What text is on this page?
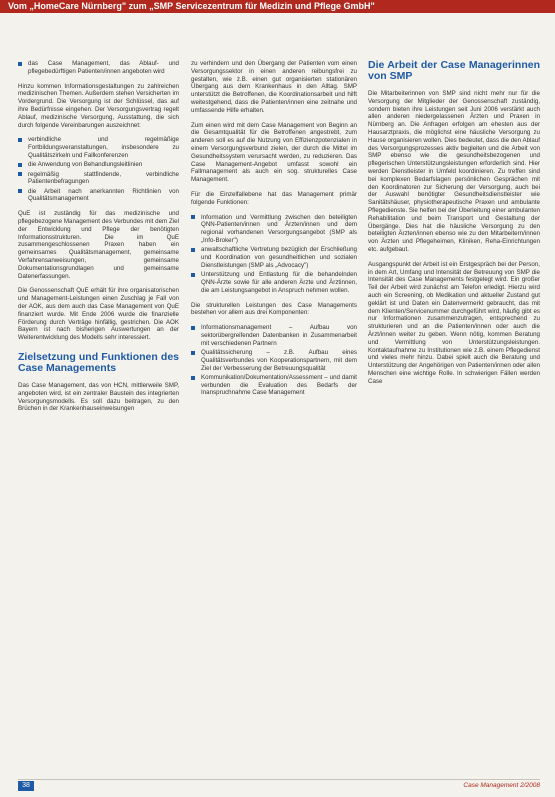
Vom „HomeCare Nürnberg" zum „SMP Servicezentrum für Medizin und Pflege GmbH"
das Case Management, das Ablauf- und pflegebedürftigen Patienten/innen angeboten wird

Hinzu kommen Informationsgestaltungen zu zahlreichen medizinischen Themen. Außerdem stehen Versicherten im Vordergrund. Die Versorgung ist der Schlüssel, das auf ihre Bedürfnisse eingehen. Der Versorgungsvertrag regelt Ablauf, medizinische Versorgung, Ausstattung, die sich durch folgende Vereinbarungen auszeichnet:

verbindliche und regelmäßige Fortbildungsveranstaltungen, insbesondere zu Qualitätszirkeln und Fallkonferenzen
die Anwendung von Behandlungsleitlinien
regelmäßig stattfindende, verbindliche Patientenbefragungen
die Arbeit nach anerkannten Richtlinien von Qualitätsmanagement

QuE ist zuständig für das medizinische und pflegebezogene Management des Verbundes mit dem Ziel der Entwicklung und Pflege der benötigten Informationsstrukturen. Die im QuE zusammengeschlossenen Praxen haben ein gemeinsames Qualitätsmanagement, gemeinsame Verfahrensanweisungen, gemeinsame Dokumentationsgrundlagen und gemeinsame Datenerfassungen.

Die Genossenschaft QuE erhält für ihre organisatorischen und Management-Leistungen einen Zuschlag je Fall von der AOK, aus dem auch das Case Management von QuE finanziert wurde. Mit Ende 2006 wurde die finanzielle Förderung durch Verträge hinfällig, gestrichen. Die AOK Bayern ist nach bisherigen Auswertungen an der Weiterentwicklung des Modells sehr interessiert.

Zielsetzung und Funktionen des Case Managements

Das Case Management, das von HCN, mittlerweile SMP, angeboten wird, ist ein zentraler Baustein des integrierten Versorgungsmodells. Es soll dazu beitragen, zu den Brüchen in der Krankenhauseinweisungen

zu verhindern und den Übergang der Patienten vom einen Versorgungssektor in einen anderen reibungsfrei zu gestalten, wie z.B. einen gut organisierten stationären Übergang aus dem Krankenhaus in den Alltag. SMP unterstützt die Betroffenen, die Koordinationsarbeit und hilft weitestgehend, dass die Patienten/innen eine zeitnahe und umfassende Hilfe erhalten.

Zum einen wird mit dem Case Management von Beginn an die Gesamtqualität für die Betroffenen angestrebt, zum anderen soll es auf die Nutzung von Effizienzpotenzialen in einem Versorgungsverbund zielen, der durch die Mittel im Gesundheitssystem verursacht werden, zu reduzieren. Das Case Management-Angebot umfasst sowohl ein Fallmanagement als auch ein sog. strukturelles Case Management.

Für die Einzelfallebene hat das Management primär folgende Funktionen:

Information und Vermittlung zwischen den beteiligten QNN-Patienten/innen und Ärzten/innen und dem regional vorhandenen Versorgungsangebot (SMP als „Info-Broker")
anwaltschaftliche Vertretung bezüglich der Erschließung und Koordination von gesundheitlichen und sozialen Dienstleistungen (SMP als „Advocacy")
Unterstützung und Entlastung für die behandelnden QNN-Ärzte sowie für alle anderen Ärzte und Ärztinnen, die am Leistungsangebot in Anspruch nehmen wollen.

Die strukturellen Leistungen des Case Managements bestehen vor allem aus drei Komponenten:

Informationsmanagement – Aufbau von sektorübergreifenden Datenbanken in Zusammenarbeit mit verschiedenen Partnern
Qualitätssicherung – z.B. Aufbau eines Qualitätsverbundes von Kooperationspartnern, mit dem Ziel der Verbesserung der Betreuungsqualität
Kommunikation/Dokumentation/Assessment – und damit verbunden die Evaluation des Bedarfs der Inanspruchnahme Case Management
Die Arbeit der Case Managerinnen von SMP

Die Mitarbeiterinnen von SMP sind nicht mehr nur für die Versorgung der Mitglieder der Genossenschaft zuständig, sondern bieten ihre Leistungen seit Juni 2006 verstärkt auch allen anderen niedergelassenen Ärzten und Praxen in Nürnberg an. Die Anfragen erfolgen am ehesten aus der Hausarztpraxis, die möglichst eine häusliche Versorgung zu Hause organisieren wollen. Dies bedeutet, dass die den Ablauf des Versorgungsprozesses aktiv begleiten und die Arbeit von SMP ebenso wie die gesundheitsbezogenen und pflegerischen Unterstützungsleistungen erforderlich sind. Hier werden Dienstleister in Umfeld koordinieren. Zu treffen sind bei komplexen Bedarfslagen persönlichen Gesprächen mit den Koordinatoren zur Sicherung der Versorgung, auch bei der Auswahl benötigter Gesundheitsdienstleister wie Sanitätshäuser, physiotherapeutische Praxen und ambulante Pflegedienste. Sie helfen bei der Überleitung einer ambulanten Rehabilitation und beim Transport und Gestaltung der Übergänge. Dies hat die häusliche Versorgung zu den beteiligten Ärzten/innen ebenso wie zu den Mitarbeitern/innen von Ärzten und Pflegeheimen, Kliniken, Reha-Einrichtungen etc. aufgebaut.

Ausgangspunkt der Arbeit ist ein Erstgespräch bei der Person, in dem Art, Umfang und Intensität der Betreuung von SMP die Intensität des Case Managements festgelegt wird. Ein großer Teil der Arbeit wird zunächst am Telefon erledigt. Hierzu wird auch ein Screening, ob Medikation und aktueller Zustand gut geklärt ist und Daten ein Datenvermerkt gebraucht, das mit dem Klienten/Servicenummer durchgeführt wird, häufig gibt es nur Informationen zusammenzutragen, entsprechend zu strukturieren und an die Patienten/innen oder auch die Ärzt/innen weiter zu geben. Wenn nötig, kommen Beratung und Vermittlung von Unterstützungsleistungen. Kontaktaufnahme zu Institutionen wie z.B. einem Pflegedienst und vieles mehr hinzu. Dabei spielt auch die Beratung und Unterstützung der Angehörigen von Patienten/innen oder allen Menschen eine wichtige Rolle. In schwierigen Fällen werden Case

38	Case Management 2/2008
